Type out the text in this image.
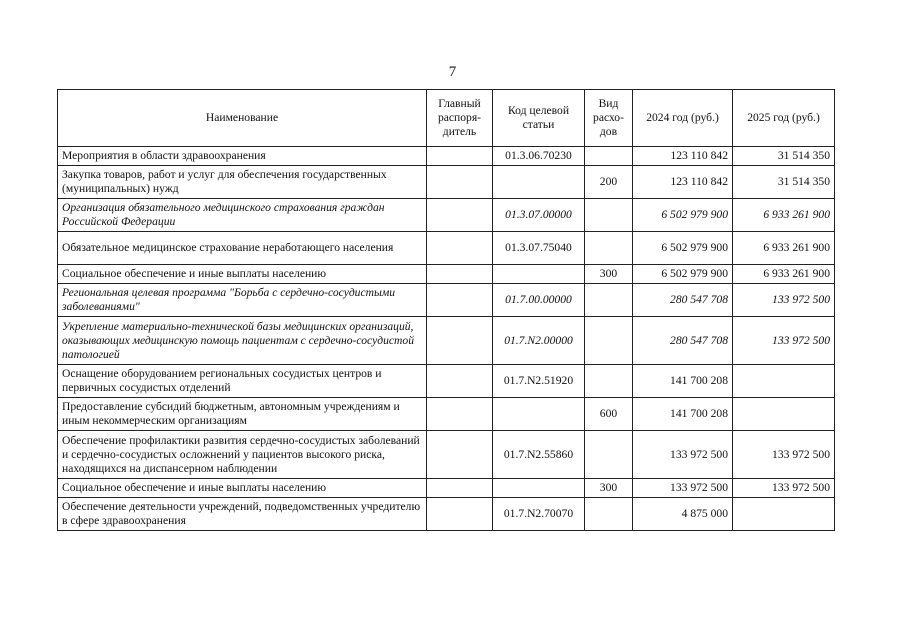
7
Наименование	Главный распоря-дитель	Код целевой статьи	Вид расхо-дов	2024 год (руб.)	2025 год (руб.)
Мероприятия в области здравоохранения		01.3.06.70230		123 110 842	31 514 350
Закупка товаров, работ и услуг для обеспечения государственных (муниципальных) нужд			200	123 110 842	31 514 350
Организация обязательного медицинского страхования граждан Российской Федерации		01.3.07.00000		6 502 979 900	6 933 261 900
Обязательное медицинское страхование неработающего населения		01.3.07.75040		6 502 979 900	6 933 261 900
Социальное обеспечение и иные выплаты населению			300	6 502 979 900	6 933 261 900
Региональная целевая программа "Борьба с сердечно-сосудистыми заболеваниями"		01.7.00.00000		280 547 708	133 972 500
Укрепление материально-технической базы медицинских организаций, оказывающих медицинскую помощь пациентам с сердечно-сосудистой патологией		01.7.N2.00000		280 547 708	133 972 500
Оснащение оборудованием региональных сосудистых центров и первичных сосудистых отделений		01.7.N2.51920		141 700 208	
Предоставление субсидий бюджетным, автономным учреждениям и иным некоммерческим организациям			600	141 700 208	
Обеспечение профилактики развития сердечно-сосудистых заболеваний и сердечно-сосудистых осложнений у пациентов высокого риска, находящихся на диспансерном наблюдении		01.7.N2.55860		133 972 500	133 972 500
Социальное обеспечение и иные выплаты населению			300	133 972 500	133 972 500
Обеспечение деятельности учреждений, подведомственных учредителю в сфере здравоохранения		01.7.N2.70070		4 875 000	
